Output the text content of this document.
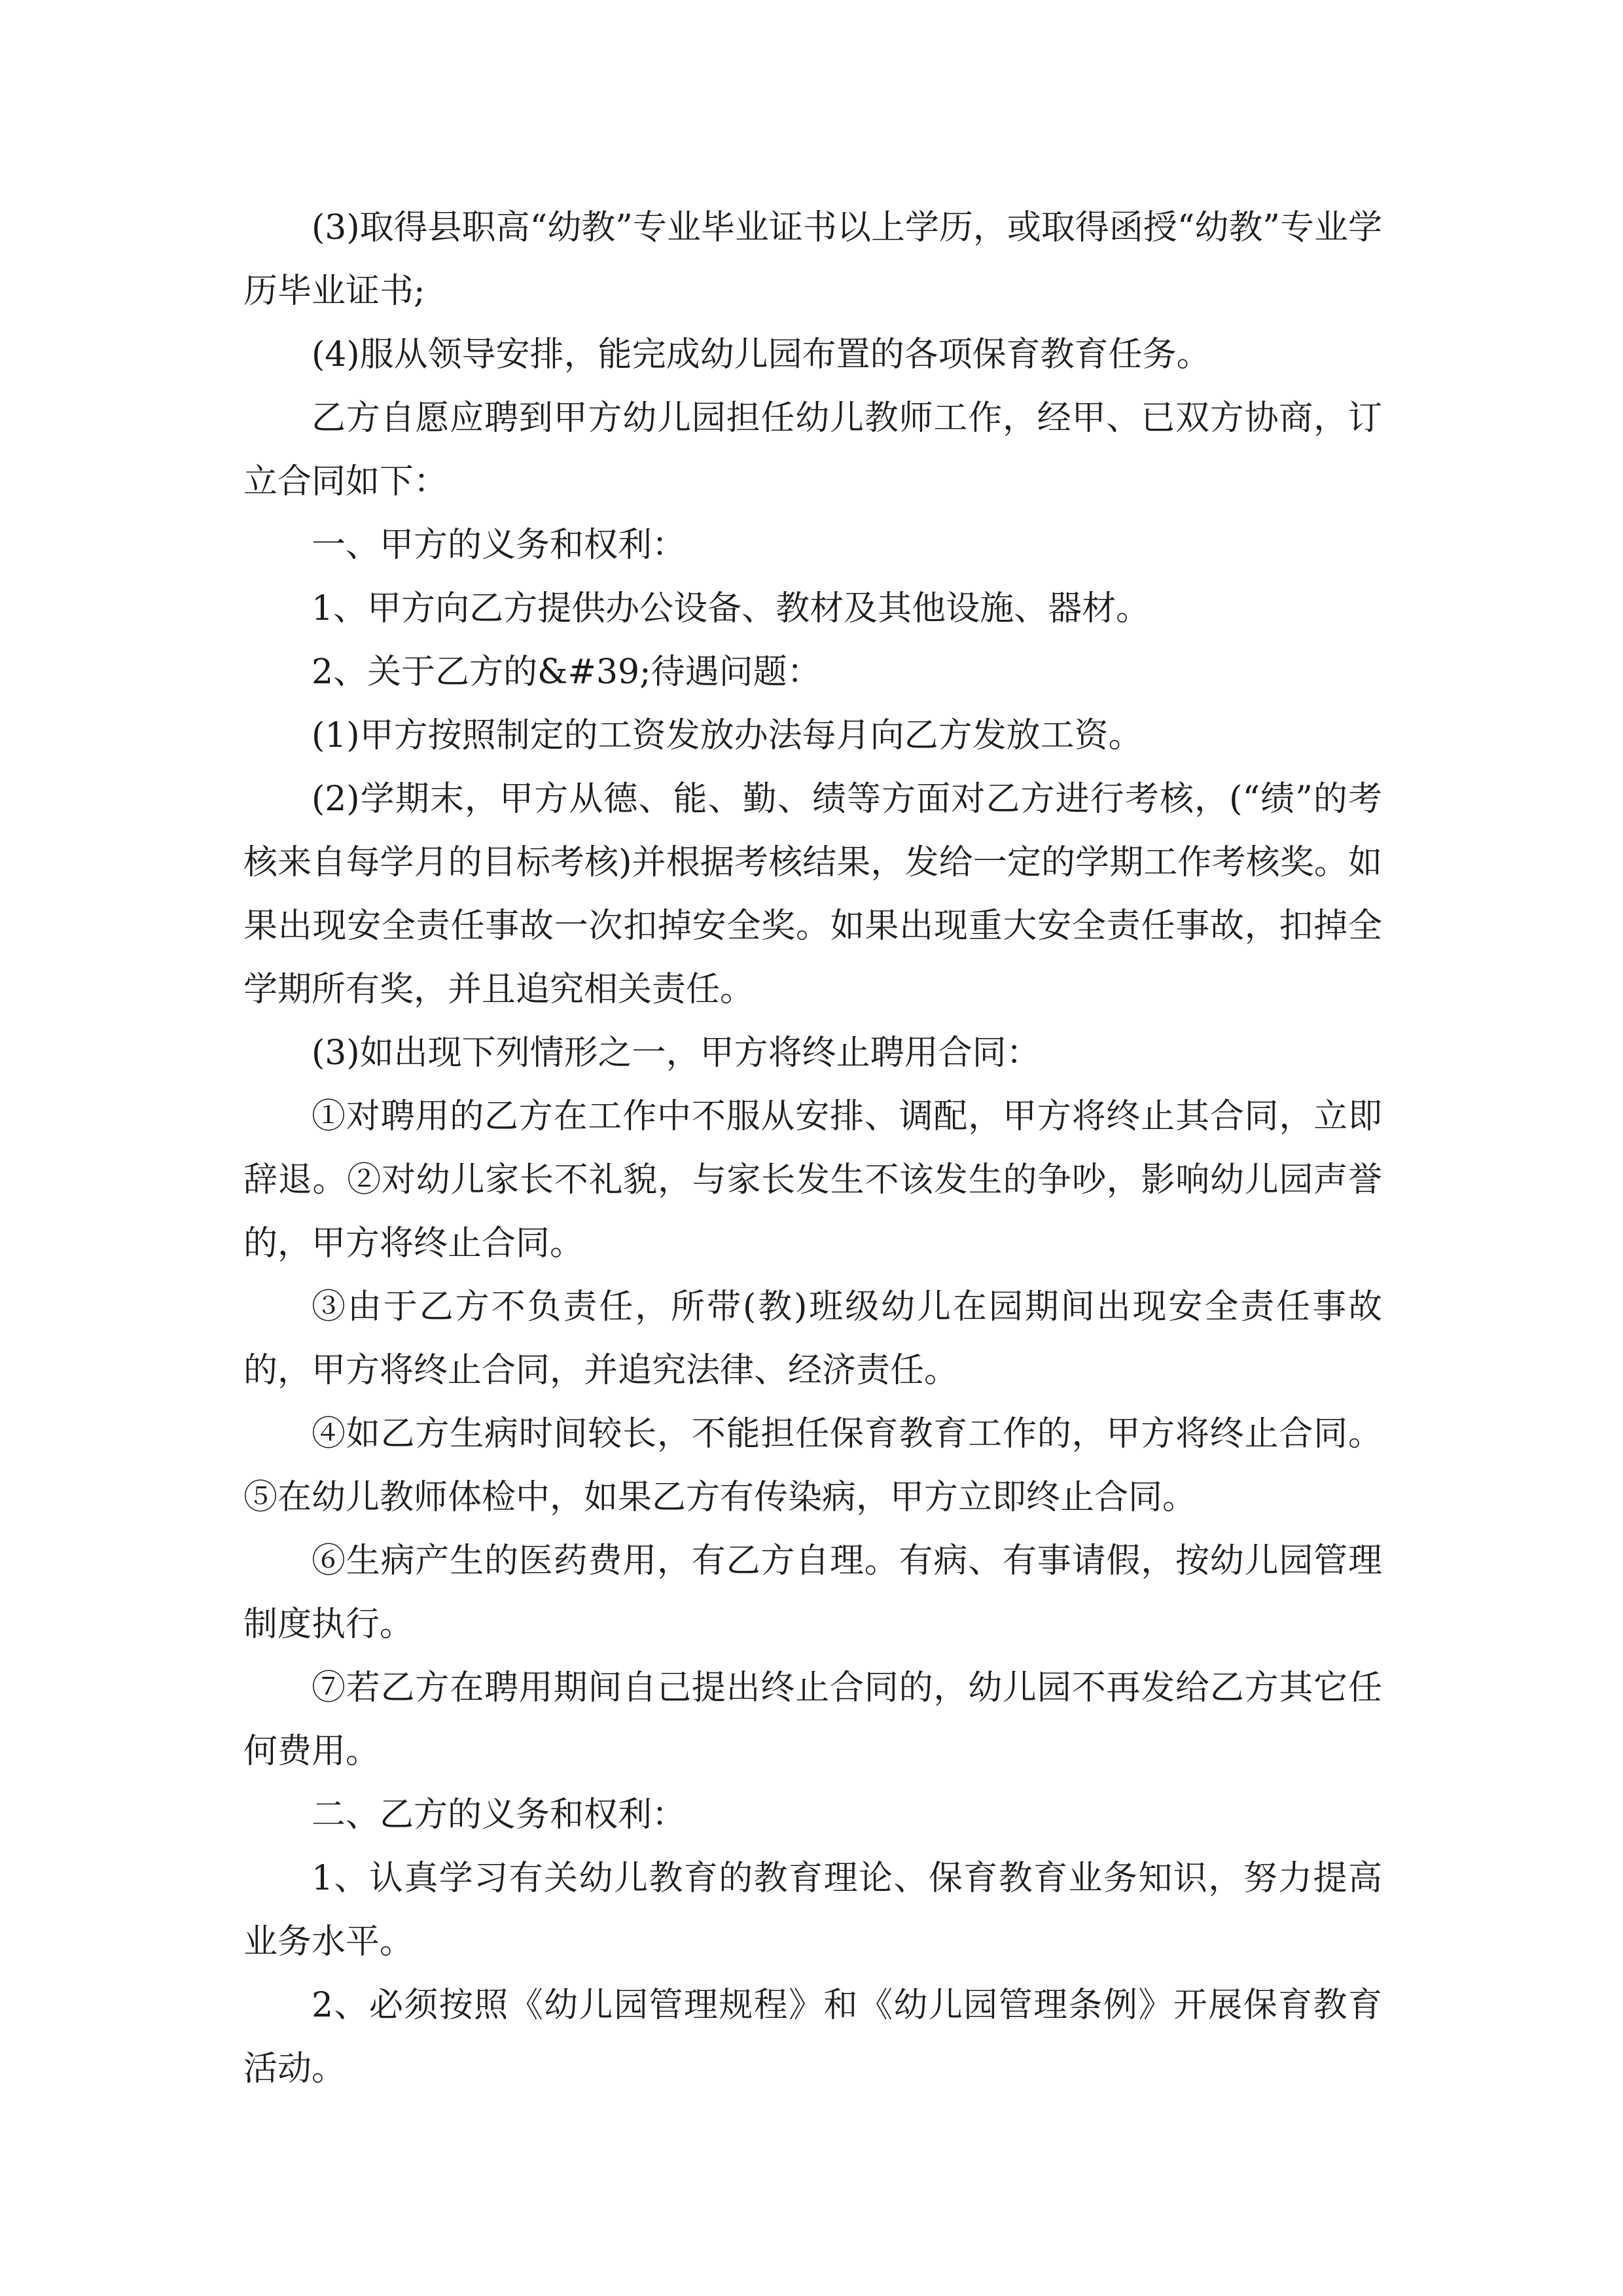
(3)取得县职高“幼教”专业毕业证书以上学历，或取得函授“幼教”专业学历毕业证书;

(4)服从领导安排，能完成幼儿园布置的各项保育教育任务。

乙方自愿应聘到甲方幼儿园担任幼儿教师工作，经甲、已双方协商，订立合同如下：

一、甲方的义务和权利：

1、甲方向乙方提供办公设备、教材及其他设施、器材。

2、关于乙方的&#39;待遇问题：

(1)甲方按照制定的工资发放办法每月向乙方发放工资。

(2)学期末，甲方从德、能、勤、绩等方面对乙方进行考核，(“绩”的考核来自每学月的目标考核)并根据考核结果，发给一定的学期工作考核奖。如果出现安全责任事故一次扣掉安全奖。如果出现重大安全责任事故，扣掉全学期所有奖，并且追究相关责任。

(3)如出现下列情形之一，甲方将终止聘用合同：

①对聘用的乙方在工作中不服从安排、调配，甲方将终止其合同，立即辞退。②对幼儿家长不礼貌，与家长发生不该发生的争吵，影响幼儿园声誉的，甲方将终止合同。

③由于乙方不负责任，所带(教)班级幼儿在园期间出现安全责任事故的，甲方将终止合同，并追究法律、经济责任。

④如乙方生病时间较长，不能担任保育教育工作的，甲方将终止合同。⑤在幼儿教师体检中，如果乙方有传染病，甲方立即终止合同。

⑥生病产生的医药费用，有乙方自理。有病、有事请假，按幼儿园管理制度执行。

⑦若乙方在聘用期间自己提出终止合同的，幼儿园不再发给乙方其它任何费用。

二、乙方的义务和权利：

1、认真学习有关幼儿教育的教育理论、保育教育业务知识，努力提高业务水平。

2、必须按照《幼儿园管理规程》和《幼儿园管理条例》开展保育教育活动。
